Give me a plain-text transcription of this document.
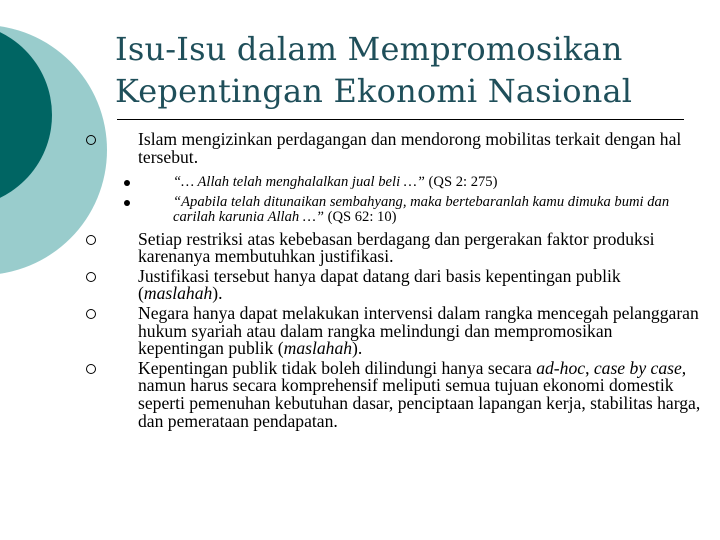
Isu-Isu dalam Mempromosikan
Kepentingan Ekonomi Nasional
Islam mengizinkan perdagangan dan mendorong mobilitas terkait dengan hal tersebut.
“… Allah telah menghalalkan jual beli …” (QS 2: 275)
“Apabila telah ditunaikan sembahyang, maka bertebaranlah kamu dimuka bumi dan carilah karunia Allah …” (QS 62: 10)
Setiap restriksi atas kebebasan berdagang dan pergerakan faktor produksi karenanya membutuhkan justifikasi.
Justifikasi tersebut hanya dapat datang dari basis kepentingan publik (maslahah).
Negara hanya dapat melakukan intervensi dalam rangka mencegah pelanggaran hukum syariah atau dalam rangka melindungi dan mempromosikan kepentingan publik (maslahah).
Kepentingan publik tidak boleh dilindungi hanya secara ad-hoc, case by case, namun harus secara komprehensif meliputi semua tujuan ekonomi domestik seperti pemenuhan kebutuhan dasar, penciptaan lapangan kerja, stabilitas harga, dan pemerataan pendapatan.
